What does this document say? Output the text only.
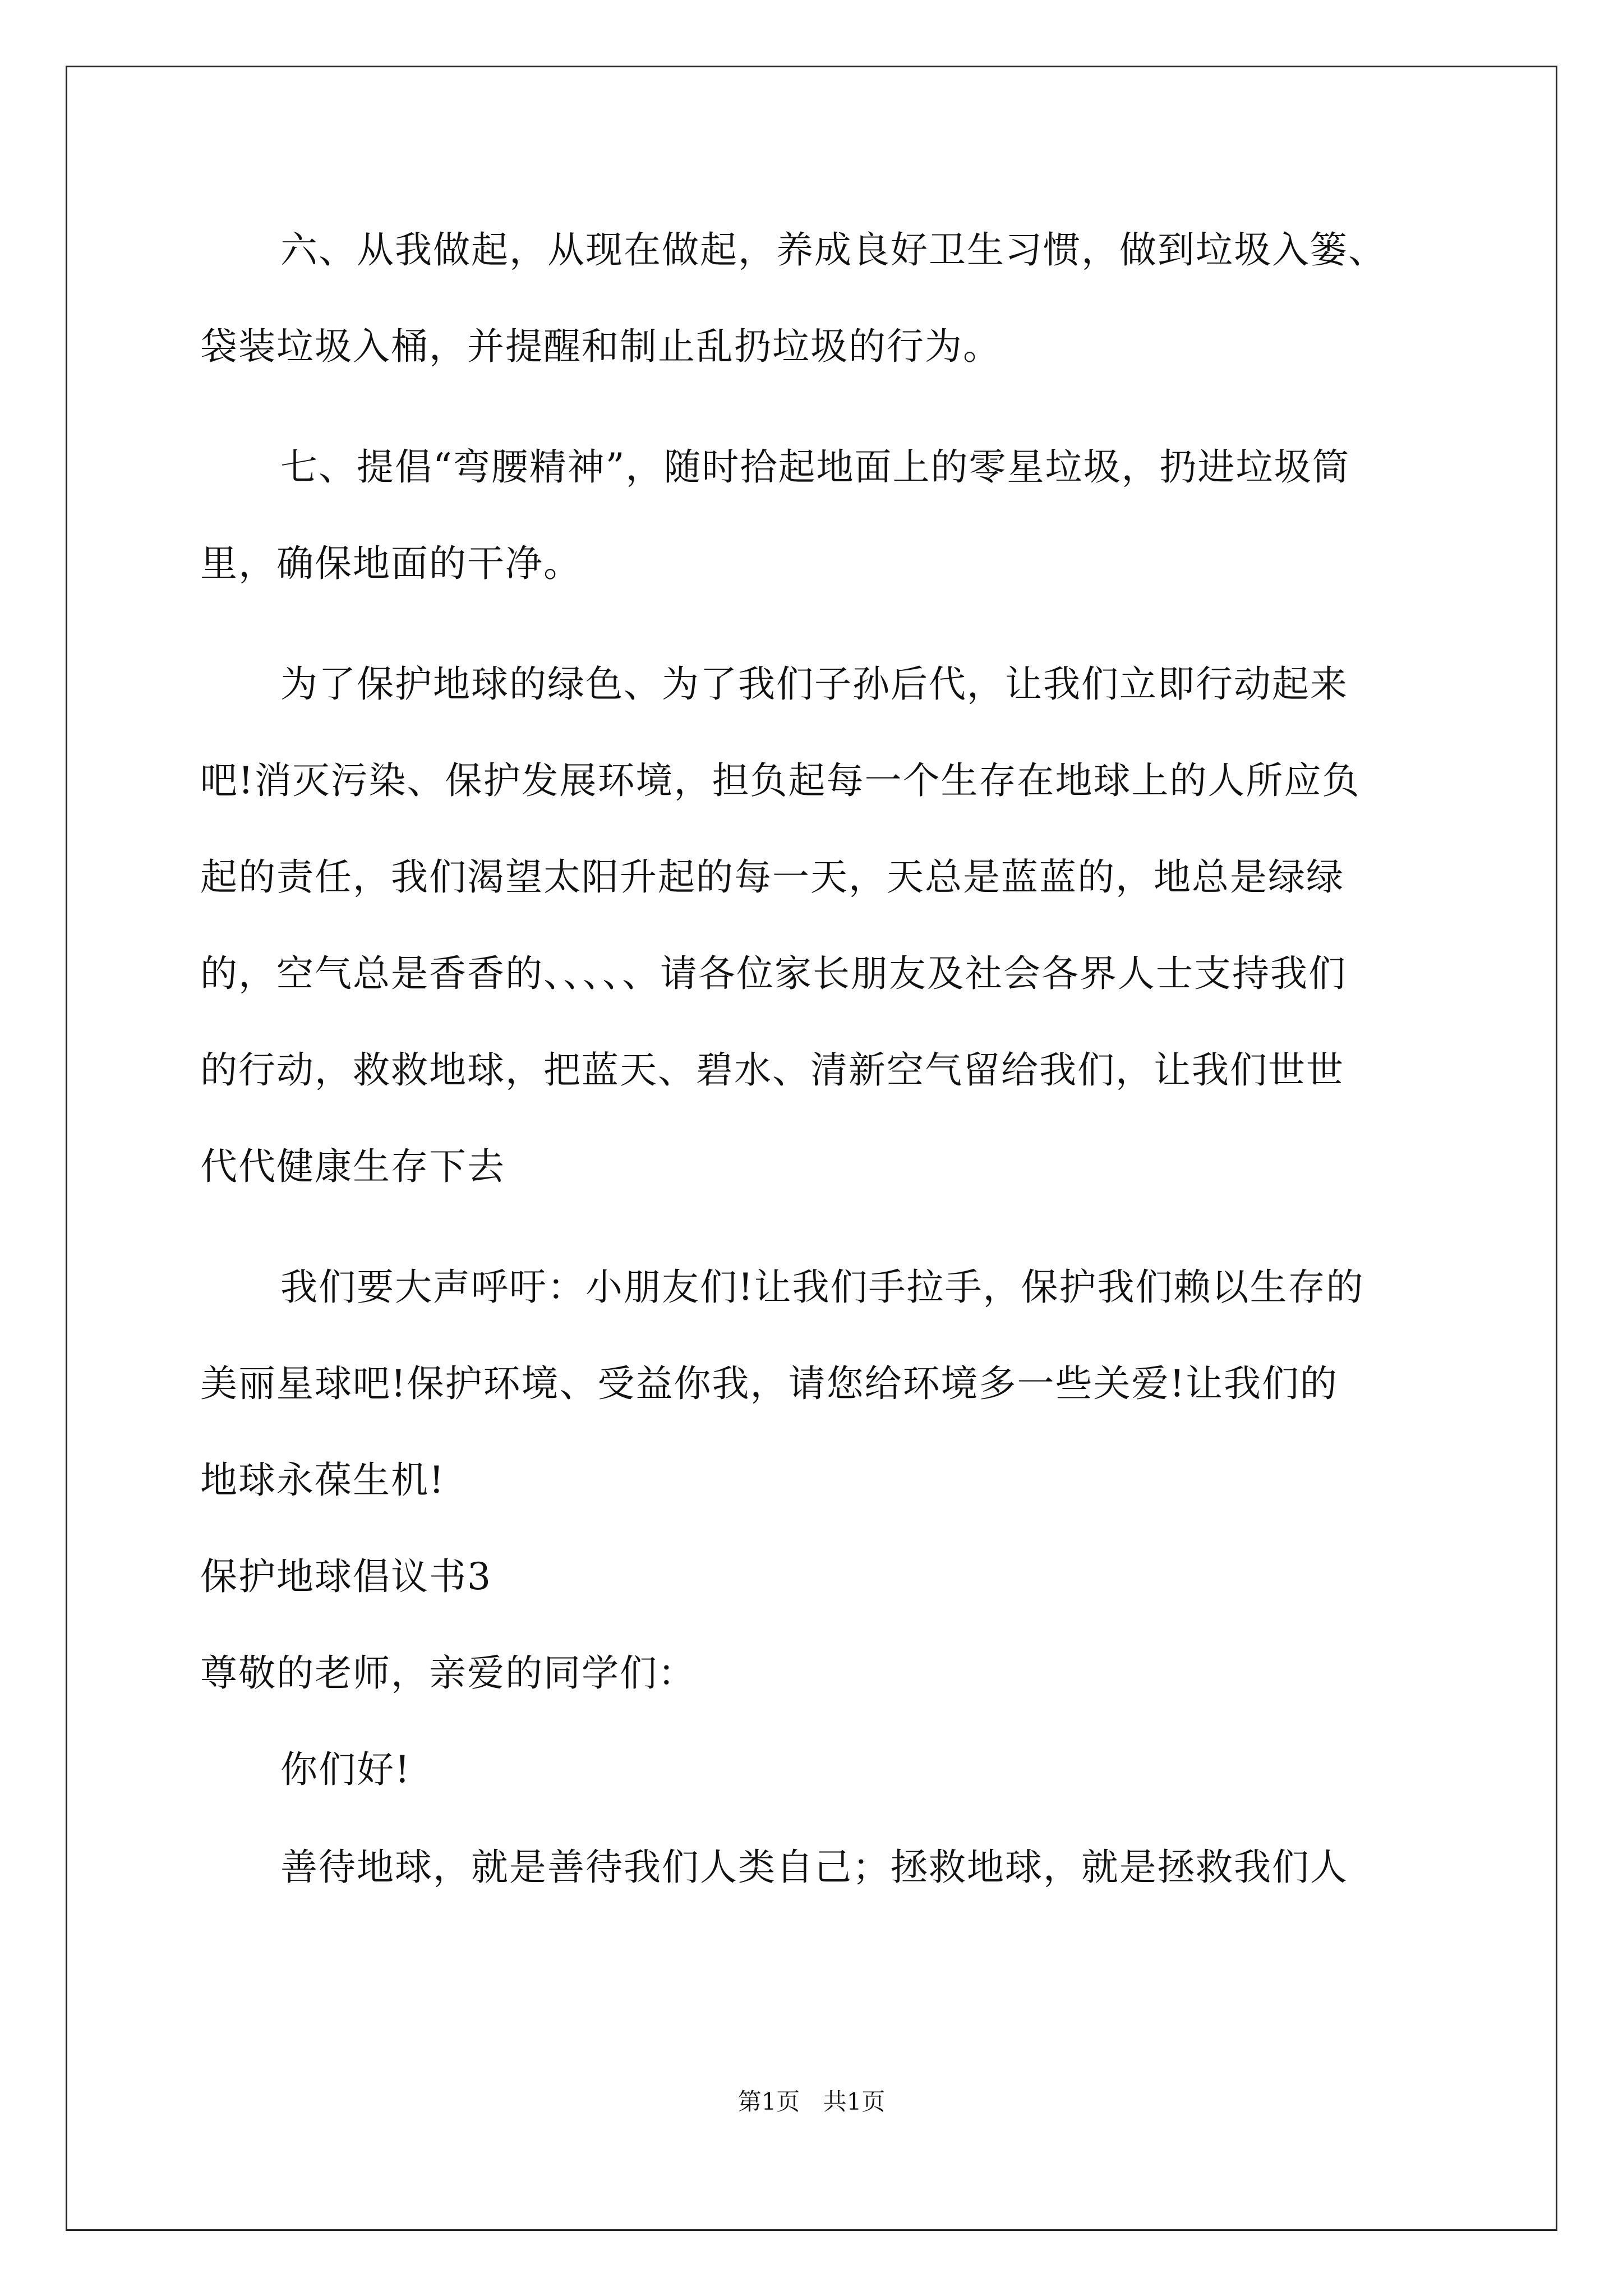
六、从我做起，从现在做起，养成良好卫生习惯，做到垃圾入篓、
袋装垃圾入桶，并提醒和制止乱扔垃圾的行为。
七、提倡“弯腰精神”，随时拾起地面上的零星垃圾，扔进垃圾筒
里，确保地面的干净。
为了保护地球的绿色、为了我们子孙后代，让我们立即行动起来
吧!消灭污染、保护发展环境，担负起每一个生存在地球上的人所应负
起的责任，我们渴望太阳升起的每一天，天总是蓝蓝的，地总是绿绿
的，空气总是香香的、、、、、请各位家长朋友及社会各界人士支持我们
的行动，救救地球，把蓝天、碧水、清新空气留给我们，让我们世世
代代健康生存下去
我们要大声呼吁：小朋友们!让我们手拉手，保护我们赖以生存的
美丽星球吧!保护环境、受益你我，请您给环境多一些关爱!让我们的
地球永葆生机!
保护地球倡议书3
尊敬的老师，亲爱的同学们：
你们好!
善待地球，就是善待我们人类自己；拯救地球，就是拯救我们人
第1页 共1页
